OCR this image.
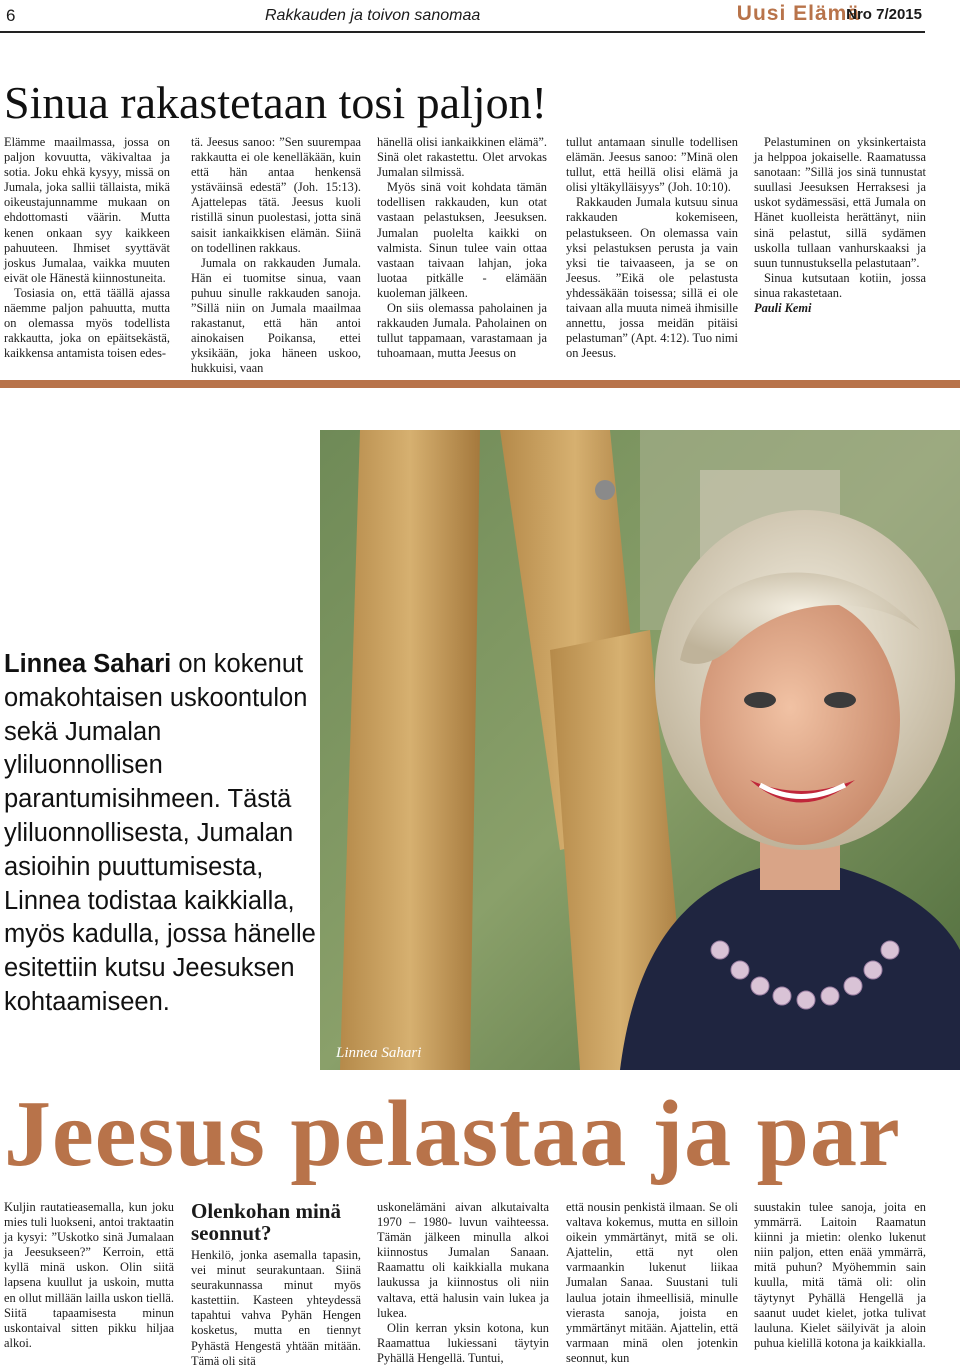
6	Rakkauden ja toivon sanomaa	Uusi Elämä
Nro 7/2015
Sinua rakastetaan tosi paljon!

Elämme maailmassa, jossa on paljon kovuutta, väkivaltaa ja sotia. Joku ehkä kysyy, missä on Jumala, joka sallii tällaista, mikä oikeustajunnamme mukaan on ehdottomasti väärin. Mutta kenen onkaan syy kaikkeen pahuuteen. Ihmiset syyttävät joskus Jumalaa, vaikka muuten eivät ole Hänestä kiinnostuneita.

Tosiasia on, että täällä ajassa näemme paljon pahuutta, mutta on olemassa myös todellista rakkautta, joka on epäitsekästä, kaikkensa antamista toisen edes-

tä. Jeesus sanoo: ”Sen suurempaa rakkautta ei ole kenelläkään, kuin että hän antaa henkensä ystäväinsä edestä” (Joh. 15:13). Ajattelepas tätä. Jeesus kuoli ristillä sinun puolestasi, jotta sinä saisit iankaikkisen elämän. Siinä on todellinen rakkaus.

Jumala on rakkauden Jumala. Hän ei tuomitse sinua, vaan puhuu sinulle rakkauden sanoja. ”Sillä niin on Jumala maailmaa rakastanut, että hän antoi ainokaisen Poikansa, ettei yksikään, joka häneen uskoo, hukkuisi, vaan

hänellä olisi iankaikkinen elämä”. Sinä olet rakastettu. Olet arvokas Jumalan silmissä.

Myös sinä voit kohdata tämän todellisen rakkauden, kun otat vastaan pelastuksen, Jeesuksen. Jumalan puolelta kaikki on valmista. Sinun tulee vain ottaa vastaan taivaan lahjan, joka luotaa pitkälle - elämään kuoleman jälkeen.

On siis olemassa paholainen ja rakkauden Jumala. Paholainen on tullut tappamaan, varastamaan ja tuhoamaan, mutta Jeesus on

tullut antamaan sinulle todellisen elämän. Jeesus sanoo: ”Minä olen tullut, että heillä olisi elämä ja olisi yltäkylläisyys” (Joh. 10:10).

Rakkauden Jumala kutsuu sinua rakkauden kokemiseen, pelastukseen. On olemassa vain yksi pelastuksen perusta ja vain yksi tie taivaaseen, ja se on Jeesus. ”Eikä ole pelastusta yhdessäkään toisessa; sillä ei ole taivaan alla muuta nimeä ihmisille annettu, jossa meidän pitäisi pelastuman” (Apt. 4:12). Tuo nimi on Jeesus.

Pelastuminen on yksinkertaista ja helppoa jokaiselle. Raamatussa sanotaan: ”Sillä jos sinä tunnustat suullasi Jeesuksen Herraksesi ja uskot sydämessäsi, että Jumala on Hänet kuolleista herättänyt, niin sinä pelastut, sillä sydämen uskolla tullaan vanhurskaaksi ja suun tunnustuksella pelastutaan”.

Sinua kutsutaan kotiin, jossa sinua rakastetaan.

Pauli Kemi

Linnea Sahari
Linnea Sahari on kokenut omakohtaisen uskoontulon sekä Jumalan yliluonnollisen parantumisihmeen. Tästä yliluonnollisesta, Jumalan asioihin puuttumisesta, Linnea todistaa kaikkialla, myös kadulla, jossa hänelle esitettiin kutsu Jeesuksen kohtaamiseen.
Jeesus pelastaa ja par

Kuljin rautatieasemalla, kun joku mies tuli luokseni, antoi traktaatin ja kysyi: ”Uskotko sinä Jumalaan ja Jeesukseen?” Kerroin, että kyllä minä uskon. Olin siitä lapsena kuullut ja uskoin, mutta en ollut millään lailla uskon tiellä. Siitä tapaamisesta minun uskontaival sitten pikku hiljaa alkoi.

Olenkohan minä seonnut?

Henkilö, jonka asemalla tapasin, vei minut seurakuntaan. Siinä seurakunnassa minut myös kastettiin. Kasteen yhteydessä tapahtui vahva Pyhän Hengen kosketus, mutta en tiennyt Pyhästä Hengestä yhtään mitään. Tämä oli sitä

uskonelämäni aivan alkutaivalta 1970 – 1980- luvun vaihteessa. Tämän jälkeen minulla alkoi kiinnostus Jumalan Sanaan. Raamattu oli kaikkialla mukana laukussa ja kiinnostus oli niin valtava, että halusin vain lukea ja lukea.

Olin kerran yksin kotona, kun Raamattua lukiessani täytyin Pyhällä Hengellä. Tuntui,

että nousin penkistä ilmaan. Se oli valtava kokemus, mutta en silloin oikein ymmärtänyt, mitä se oli. Ajattelin, että nyt olen varmaankin lukenut liikaa Jumalan Sanaa. Suustani tuli laulua jotain ihmeellisiä, minulle vierasta sanoja, joista en ymmärtänyt mitään. Ajattelin, että varmaan minä olen jotenkin seonnut, kun

suustakin tulee sanoja, joita en ymmärrä. Laitoin Raamatun kiinni ja mietin: olenko lukenut niin paljon, etten enää ymmärrä, mitä puhun? Myöhemmin sain kuulla, mitä tämä oli: olin täytynyt Pyhällä Hengellä ja saanut uudet kielet, jotka tulivat lauluna. Kielet säilyivät ja aloin puhua kielillä kotona ja kaikkialla.
